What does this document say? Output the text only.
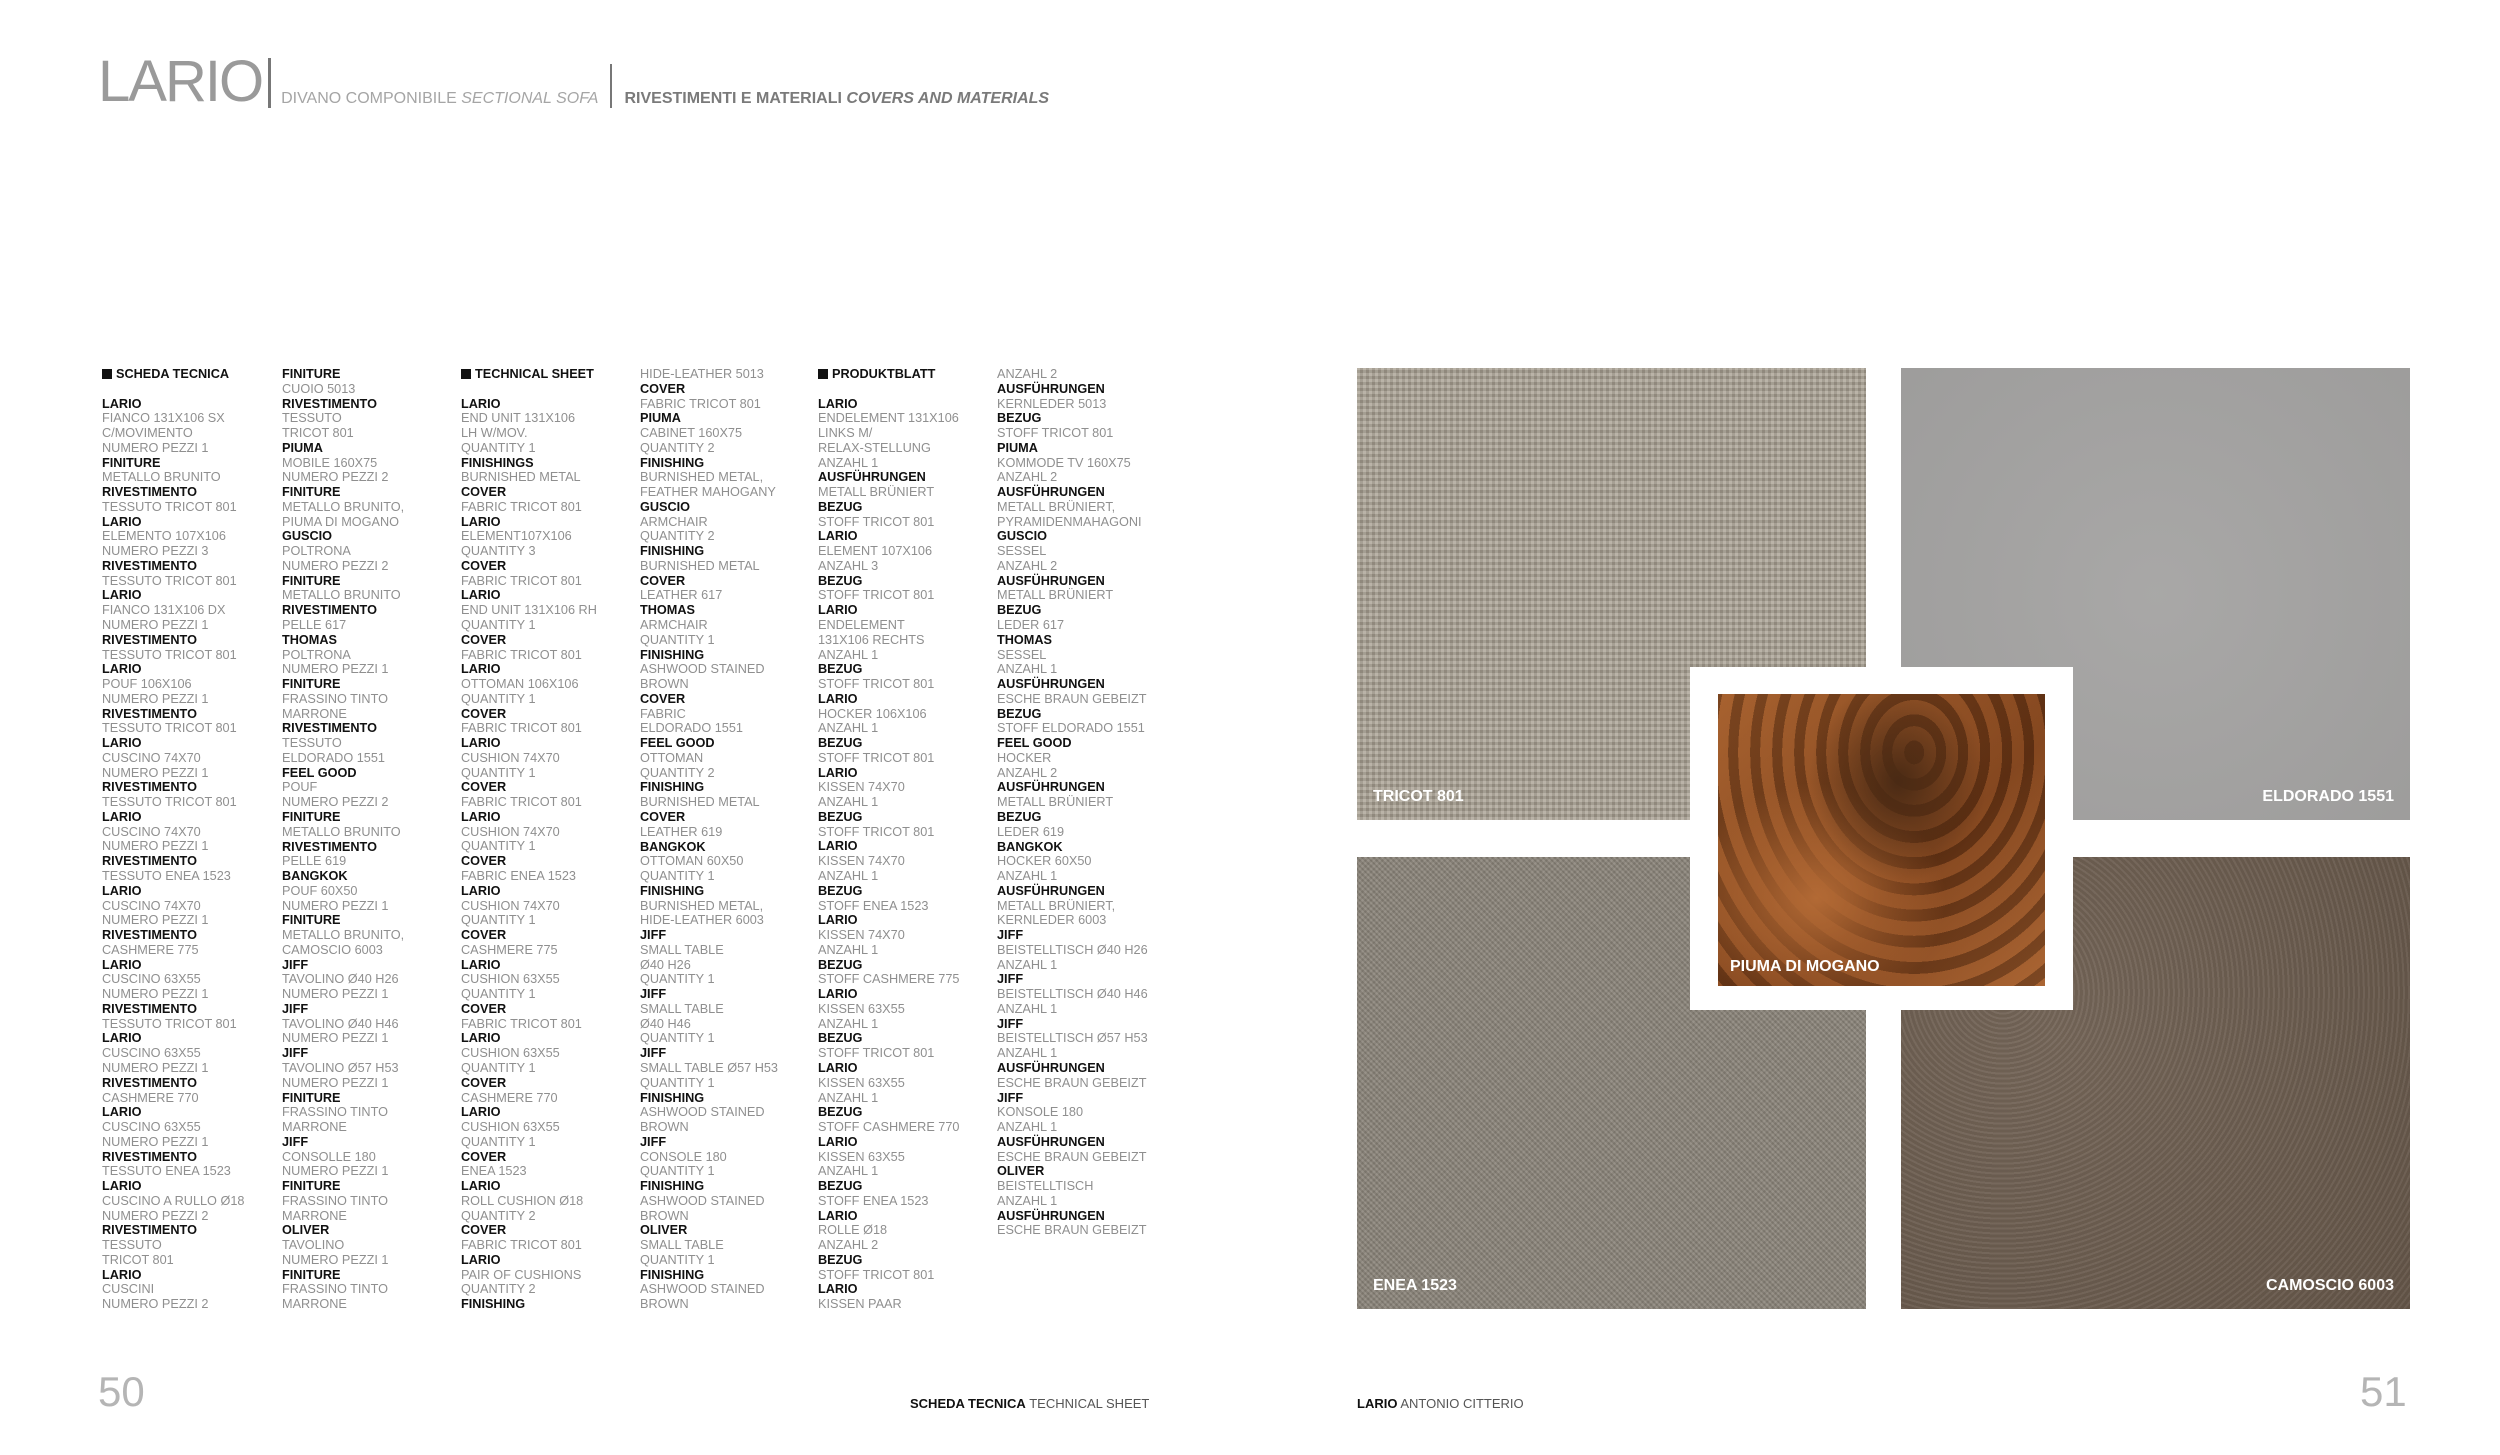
LARIO DIVANO COMPONIBILE SECTIONAL SOFA RIVESTIMENTI E MATERIALI COVERS AND MATERIALS
SCHEDA TECNICA
LARIO
FIANCO 131X106 SX
C/MOVIMENTO
NUMERO PEZZI 1
FINITURE
METALLO BRUNITO
RIVESTIMENTO
TESSUTO TRICOT 801
LARIO
ELEMENTO 107X106
NUMERO PEZZI 3
RIVESTIMENTO
TESSUTO TRICOT 801
LARIO
FIANCO 131X106 DX
NUMERO PEZZI 1
RIVESTIMENTO
TESSUTO TRICOT 801
LARIO
POUF 106X106
NUMERO PEZZI 1
RIVESTIMENTO
TESSUTO TRICOT 801
LARIO
CUSCINO 74X70
NUMERO PEZZI 1
RIVESTIMENTO
TESSUTO TRICOT 801
LARIO
CUSCINO 74X70
NUMERO PEZZI 1
RIVESTIMENTO
TESSUTO ENEA 1523
LARIO
CUSCINO 74X70
NUMERO PEZZI 1
RIVESTIMENTO
CASHMERE 775
LARIO
CUSCINO 63X55
NUMERO PEZZI 1
RIVESTIMENTO
TESSUTO TRICOT 801
LARIO
CUSCINO 63X55
NUMERO PEZZI 1
RIVESTIMENTO
CASHMERE 770
LARIO
CUSCINO 63X55
NUMERO PEZZI 1
RIVESTIMENTO
TESSUTO ENEA 1523
LARIO
CUSCINO A RULLO Ø18
NUMERO PEZZI 2
RIVESTIMENTO
TESSUTO
TRICOT 801
LARIO
CUSCINI
NUMERO PEZZI 2
FINITURE
CUOIO 5013
RIVESTIMENTO
TESSUTO
TRICOT 801
PIUMA
MOBILE 160X75
NUMERO PEZZI 2
FINITURE
METALLO BRUNITO,
PIUMA DI MOGANO
GUSCIO
POLTRONA
NUMERO PEZZI 2
FINITURE
METALLO BRUNITO
RIVESTIMENTO
PELLE 617
THOMAS
POLTRONA
NUMERO PEZZI 1
FINITURE
FRASSINO TINTO
MARRONE
RIVESTIMENTO
TESSUTO
ELDORADO 1551
FEEL GOOD
POUF
NUMERO PEZZI 2
FINITURE
METALLO BRUNITO
RIVESTIMENTO
PELLE 619
BANGKOK
POUF 60X50
NUMERO PEZZI 1
FINITURE
METALLO BRUNITO,
CAMOSCIO 6003
JIFF
TAVOLINO Ø40 H26
NUMERO PEZZI 1
JIFF
TAVOLINO Ø40 H46
NUMERO PEZZI 1
JIFF
TAVOLINO Ø57 H53
NUMERO PEZZI 1
FINITURE
FRASSINO TINTO
MARRONE
JIFF
CONSOLLE 180
NUMERO PEZZI 1
FINITURE
FRASSINO TINTO
MARRONE
OLIVER
TAVOLINO
NUMERO PEZZI 1
FINITURE
FRASSINO TINTO
MARRONE
TECHNICAL SHEET
LARIO
END UNIT 131X106
LH W/MOV.
QUANTITY 1
FINISHINGS
BURNISHED METAL
COVER
FABRIC TRICOT 801
LARIO
ELEMENT107X106
QUANTITY 3
COVER
FABRIC TRICOT 801
LARIO
END UNIT 131X106 RH
QUANTITY 1
COVER
FABRIC TRICOT 801
LARIO
OTTOMAN 106X106
QUANTITY 1
COVER
FABRIC TRICOT 801
LARIO
CUSHION 74X70
QUANTITY 1
COVER
FABRIC TRICOT 801
LARIO
CUSHION 74X70
QUANTITY 1
COVER
FABRIC ENEA 1523
LARIO
CUSHION 74X70
QUANTITY 1
COVER
CASHMERE 775
LARIO
CUSHION 63X55
QUANTITY 1
COVER
FABRIC TRICOT 801
LARIO
CUSHION 63X55
QUANTITY 1
COVER
CASHMERE 770
LARIO
CUSHION 63X55
QUANTITY 1
COVER
ENEA 1523
LARIO
ROLL CUSHION Ø18
QUANTITY 2
COVER
FABRIC TRICOT 801
LARIO
PAIR OF CUSHIONS
QUANTITY 2
FINISHING
HIDE-LEATHER 5013
COVER
FABRIC TRICOT 801
PIUMA
CABINET 160X75
QUANTITY 2
FINISHING
BURNISHED METAL,
FEATHER MAHOGANY
GUSCIO
ARMCHAIR
QUANTITY 2
FINISHING
BURNISHED METAL
COVER
LEATHER 617
THOMAS
ARMCHAIR
QUANTITY 1
FINISHING
ASHWOOD STAINED
BROWN
COVER
FABRIC
ELDORADO 1551
FEEL GOOD
OTTOMAN
QUANTITY 2
FINISHING
BURNISHED METAL
COVER
LEATHER 619
BANGKOK
OTTOMAN 60X50
QUANTITY 1
FINISHING
BURNISHED METAL,
HIDE-LEATHER 6003
JIFF
SMALL TABLE
Ø40 H26
QUANTITY 1
JIFF
SMALL TABLE
Ø40 H46
QUANTITY 1
JIFF
SMALL TABLE Ø57 H53
QUANTITY 1
FINISHING
ASHWOOD STAINED
BROWN
JIFF
CONSOLE 180
QUANTITY 1
FINISHING
ASHWOOD STAINED
BROWN
OLIVER
SMALL TABLE
QUANTITY 1
FINISHING
ASHWOOD STAINED
BROWN
PRODUKTBLATT
LARIO
ENDELEMENT 131X106
LINKS M/
RELAX-STELLUNG
ANZAHL 1
AUSFÜHRUNGEN
METALL BRÜNIERT
BEZUG
STOFF TRICOT 801
LARIO
ELEMENT 107X106
ANZAHL 3
BEZUG
STOFF TRICOT 801
LARIO
ENDELEMENT
131X106 RECHTS
ANZAHL 1
BEZUG
STOFF TRICOT 801
LARIO
HOCKER 106X106
ANZAHL 1
BEZUG
STOFF TRICOT 801
LARIO
KISSEN 74X70
ANZAHL 1
BEZUG
STOFF TRICOT 801
LARIO
KISSEN 74X70
ANZAHL 1
BEZUG
STOFF ENEA 1523
LARIO
KISSEN 74X70
ANZAHL 1
BEZUG
STOFF CASHMERE 775
LARIO
KISSEN 63X55
ANZAHL 1
BEZUG
STOFF TRICOT 801
LARIO
KISSEN 63X55
ANZAHL 1
BEZUG
STOFF CASHMERE 770
LARIO
KISSEN 63X55
ANZAHL 1
BEZUG
STOFF ENEA 1523
LARIO
ROLLE Ø18
ANZAHL 2
BEZUG
STOFF TRICOT 801
LARIO
KISSEN PAAR
ANZAHL 2
AUSFÜHRUNGEN
KERNLEDER 5013
BEZUG
STOFF TRICOT 801
PIUMA
KOMMODE TV 160X75
ANZAHL 2
AUSFÜHRUNGEN
METALL BRÜNIERT,
PYRAMIDENMAHAGONI
GUSCIO
SESSEL
ANZAHL 2
AUSFÜHRUNGEN
METALL BRÜNIERT
BEZUG
LEDER 617
THOMAS
SESSEL
ANZAHL 1
AUSFÜHRUNGEN
ESCHE BRAUN GEBEIZT
BEZUG
STOFF ELDORADO 1551
FEEL GOOD
HOCKER
ANZAHL 2
AUSFÜHRUNGEN
METALL BRÜNIERT
BEZUG
LEDER 619
BANGKOK
HOCKER 60X50
ANZAHL 1
AUSFÜHRUNGEN
METALL BRÜNIERT,
KERNLEDER 6003
JIFF
BEISTELLTISCH Ø40 H26
ANZAHL 1
JIFF
BEISTELLTISCH Ø40 H46
ANZAHL 1
JIFF
BEISTELLTISCH Ø57 H53
ANZAHL 1
AUSFÜHRUNGEN
ESCHE BRAUN GEBEIZT
JIFF
KONSOLE 180
ANZAHL 1
AUSFÜHRUNGEN
ESCHE BRAUN GEBEIZT
OLIVER
BEISTELLTISCH
ANZAHL 1
AUSFÜHRUNGEN
ESCHE BRAUN GEBEIZT
TRICOT 801	ELDORADO 1551
ENEA 1523	CAMOSCIO 6003
PIUMA DI MOGANO
50	51
SCHEDA TECNICA TECHNICAL SHEET	LARIO ANTONIO CITTERIO
